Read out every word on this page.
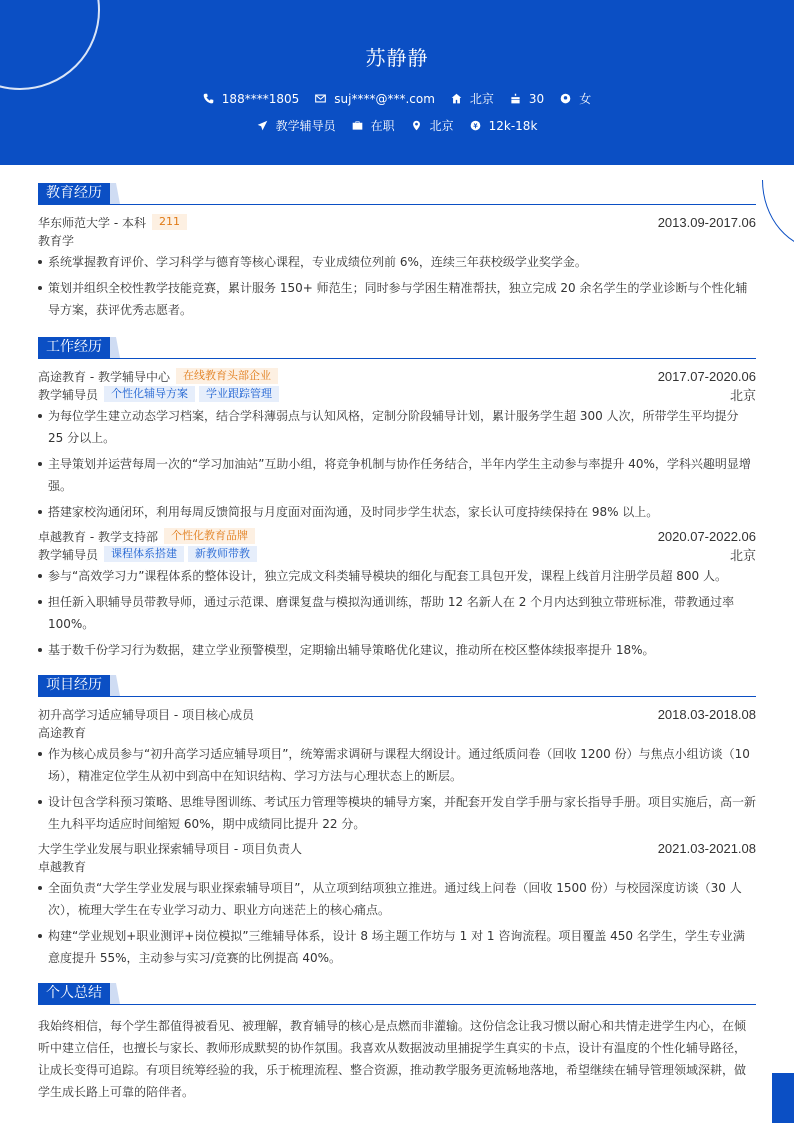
苏静静
188****1805	suj****@***.com	北京	30	女
教学辅导员	在职	北京	12k-18k
教育经历
华东师范大学 - 本科	211	2013.09-2017.06
教育学
系统掌握教育评价、学习科学与德育等核心课程，专业成绩位列前 6%，连续三年获校级学业奖学金。
策划并组织全校性教学技能竞赛，累计服务 150+ 师范生；同时参与学困生精准帮扶，独立完成 20 余名学生的学业诊断与个性化辅导方案，获评优秀志愿者。
工作经历
高途教育 - 教学辅导中心	在线教育头部企业	2017.07-2020.06
教学辅导员	个性化辅导方案	学业跟踪管理	北京
为每位学生建立动态学习档案，结合学科薄弱点与认知风格，定制分阶段辅导计划，累计服务学生超 300 人次，所带学生平均提分 25 分以上。
主导策划并运营每周一次的“学习加油站”互助小组，将竞争机制与协作任务结合，半年内学生主动参与率提升 40%，学科兴趣明显增强。
搭建家校沟通闭环，利用每周反馈简报与月度面对面沟通，及时同步学生状态，家长认可度持续保持在 98% 以上。
卓越教育 - 教学支持部	个性化教育品牌	2020.07-2022.06
教学辅导员	课程体系搭建	新教师带教	北京
参与“高效学习力”课程体系的整体设计，独立完成文科类辅导模块的细化与配套工具包开发，课程上线首月注册学员超 800 人。
担任新入职辅导员带教导师，通过示范课、磨课复盘与模拟沟通训练，帮助 12 名新人在 2 个月内达到独立带班标准，带教通过率 100%。
基于数千份学习行为数据，建立学业预警模型，定期输出辅导策略优化建议，推动所在校区整体续报率提升 18%。
项目经历
初升高学习适应辅导项目 - 项目核心成员	2018.03-2018.08
高途教育
作为核心成员参与“初升高学习适应辅导项目”，统筹需求调研与课程大纲设计。通过纸质问卷（回收 1200 份）与焦点小组访谈（10 场），精准定位学生从初中到高中在知识结构、学习方法与心理状态上的断层。
设计包含学科预习策略、思维导图训练、考试压力管理等模块的辅导方案，并配套开发自学手册与家长指导手册。项目实施后，高一新生九科平均适应时间缩短 60%，期中成绩同比提升 22 分。
大学生学业发展与职业探索辅导项目 - 项目负责人	2021.03-2021.08
卓越教育
全面负责“大学生学业发展与职业探索辅导项目”，从立项到结项独立推进。通过线上问卷（回收 1500 份）与校园深度访谈（30 人次），梳理大学生在专业学习动力、职业方向迷茫上的核心痛点。
构建“学业规划+职业测评+岗位模拟”三维辅导体系，设计 8 场主题工作坊与 1 对 1 咨询流程。项目覆盖 450 名学生，学生专业满意度提升 55%，主动参与实习/竞赛的比例提高 40%。
个人总结
我始终相信，每个学生都值得被看见、被理解，教育辅导的核心是点燃而非灌输。这份信念让我习惯以耐心和共情走进学生内心，在倾听中建立信任，也擅长与家长、教师形成默契的协作氛围。我喜欢从数据波动里捕捉学生真实的卡点，设计有温度的个性化辅导路径，让成长变得可追踪。有项目统筹经验的我，乐于梳理流程、整合资源，推动教学服务更流畅地落地，希望继续在辅导管理领域深耕，做学生成长路上可靠的陪伴者。
